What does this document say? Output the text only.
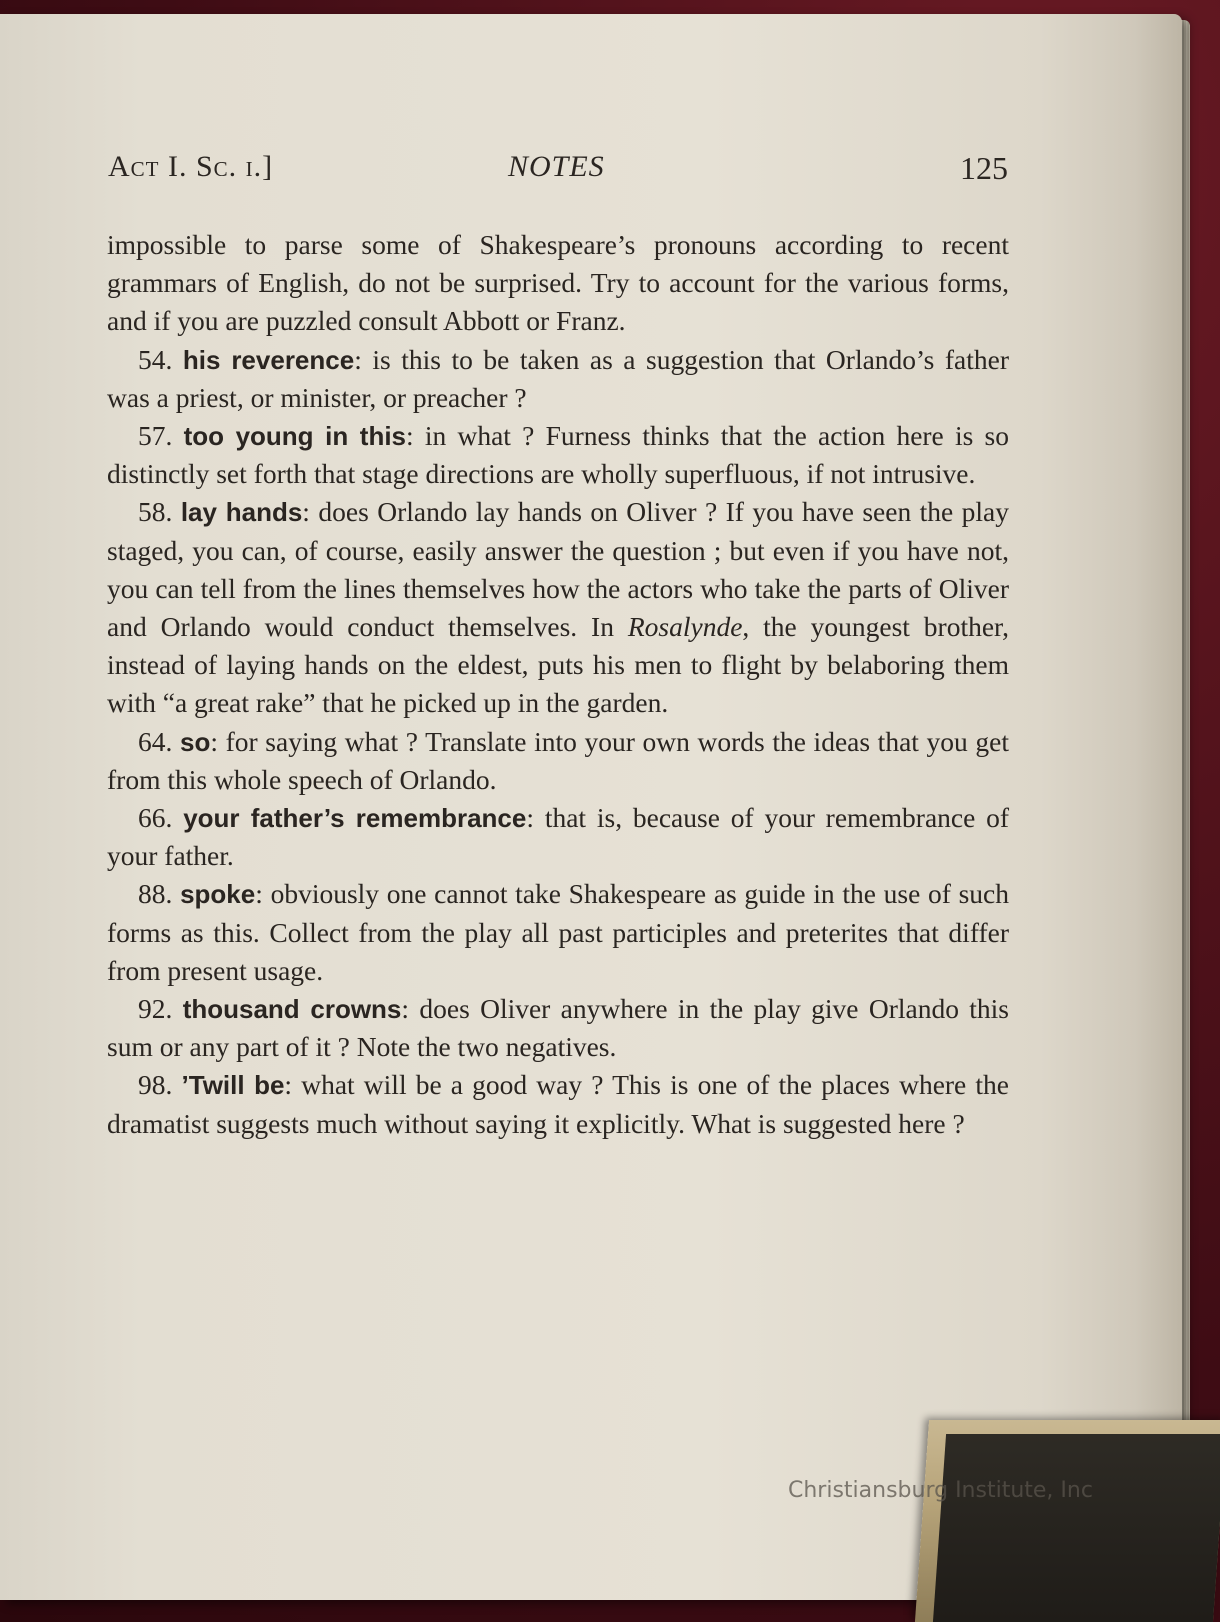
Act I. Sc. i.]	NOTES	125

impossible to parse some of Shakespeare’s pronouns according to recent grammars of English, do not be surprised. Try to account for the various forms, and if you are puzzled consult Abbott or Franz.

54. his reverence: is this to be taken as a suggestion that Orlando’s father was a priest, or minister, or preacher ?

57. too young in this: in what ? Furness thinks that the action here is so distinctly set forth that stage directions are wholly superfluous, if not intrusive.

58. lay hands: does Orlando lay hands on Oliver ? If you have seen the play staged, you can, of course, easily answer the question ; but even if you have not, you can tell from the lines themselves how the actors who take the parts of Oliver and Orlando would conduct themselves. In Rosalynde, the youngest brother, instead of laying hands on the eldest, puts his men to flight by belaboring them with “a great rake” that he picked up in the garden.

64. so: for saying what ? Translate into your own words the ideas that you get from this whole speech of Orlando.

66. your father’s remembrance: that is, because of your remembrance of your father.

88. spoke: obviously one cannot take Shakespeare as guide in the use of such forms as this. Collect from the play all past participles and preterites that differ from present usage.

92. thousand crowns: does Oliver anywhere in the play give Orlando this sum or any part of it ? Note the two negatives.

98. ’Twill be: what will be a good way ? This is one of the places where the dramatist suggests much without saying it explicitly. What is suggested here ?

Christiansburg Institute, Inc
